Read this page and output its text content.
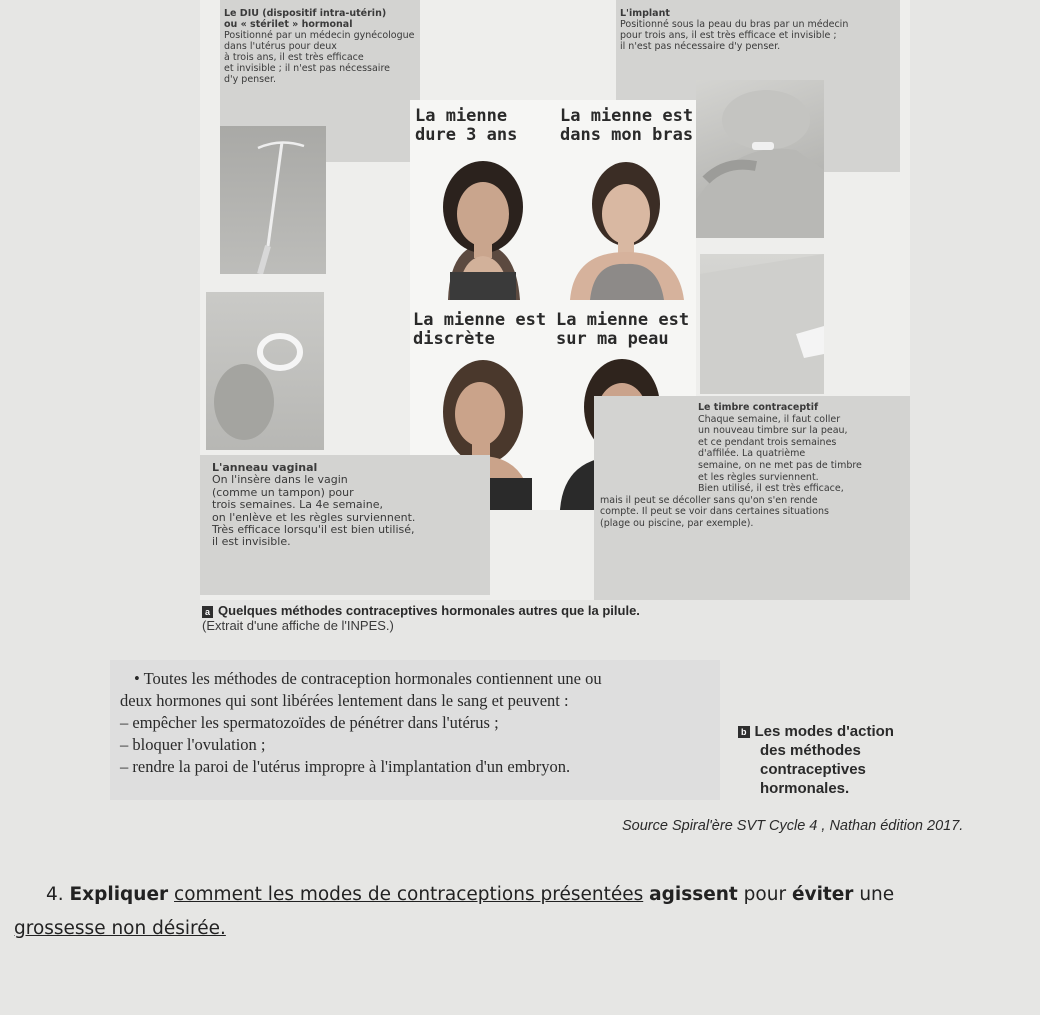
Le DIU (dispositif intra-utérin)
ou « stérilet » hormonal
Positionné par un médecin gynécologue
dans l'utérus pour deux
à trois ans, il est très efficace
et invisible ; il n'est pas nécessaire
d'y penser.
L'implant
Positionné sous la peau du bras par un médecin
pour trois ans, il est très efficace et invisible ;
il n'est pas nécessaire d'y penser.
La mienne
dure 3 ans
La mienne est
dans mon bras
La mienne est
discrète
La mienne est
sur ma peau
L'anneau vaginal
On l'insère dans le vagin
(comme un tampon) pour
trois semaines. La 4e semaine,
on l'enlève et les règles surviennent.
Très efficace lorsqu'il est bien utilisé,
il est invisible.
Le timbre contraceptif
Chaque semaine, il faut coller
un nouveau timbre sur la peau,
et ce pendant trois semaines
d'affilée. La quatrième
semaine, on ne met pas de timbre
et les règles surviennent.
Bien utilisé, il est très efficace,
mais il peut se décoller sans qu'on s'en rende
compte. Il peut se voir dans certaines situations
(plage ou piscine, par exemple).
a Quelques méthodes contraceptives hormonales autres que la pilule.
(Extrait d'une affiche de l'INPES.)
• Toutes les méthodes de contraception hormonales contiennent une ou
deux hormones qui sont libérées lentement dans le sang et peuvent :
– empêcher les spermatozoïdes de pénétrer dans l'utérus ;
– bloquer l'ovulation ;
– rendre la paroi de l'utérus impropre à l'implantation d'un embryon.
b Les modes d'action
des méthodes
contraceptives
hormonales.
Source Spiral'ère SVT Cycle 4 , Nathan édition 2017.
4. Expliquer comment les modes de contraceptions présentées agissent pour éviter une
grossesse non désirée.
